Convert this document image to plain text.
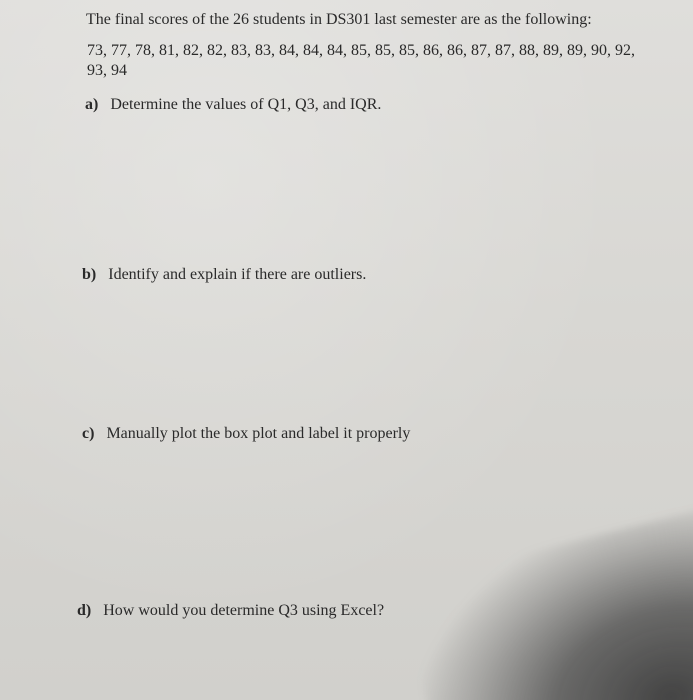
The final scores of the 26 students in DS301 last semester are as the following:
73, 77, 78, 81, 82, 82, 83, 83, 84, 84, 84, 85, 85, 85, 86, 86, 87, 87, 88, 89, 89, 90, 92,
93, 94
a) Determine the values of Q1, Q3, and IQR.
b) Identify and explain if there are outliers.
c) Manually plot the box plot and label it properly
d) How would you determine Q3 using Excel?
